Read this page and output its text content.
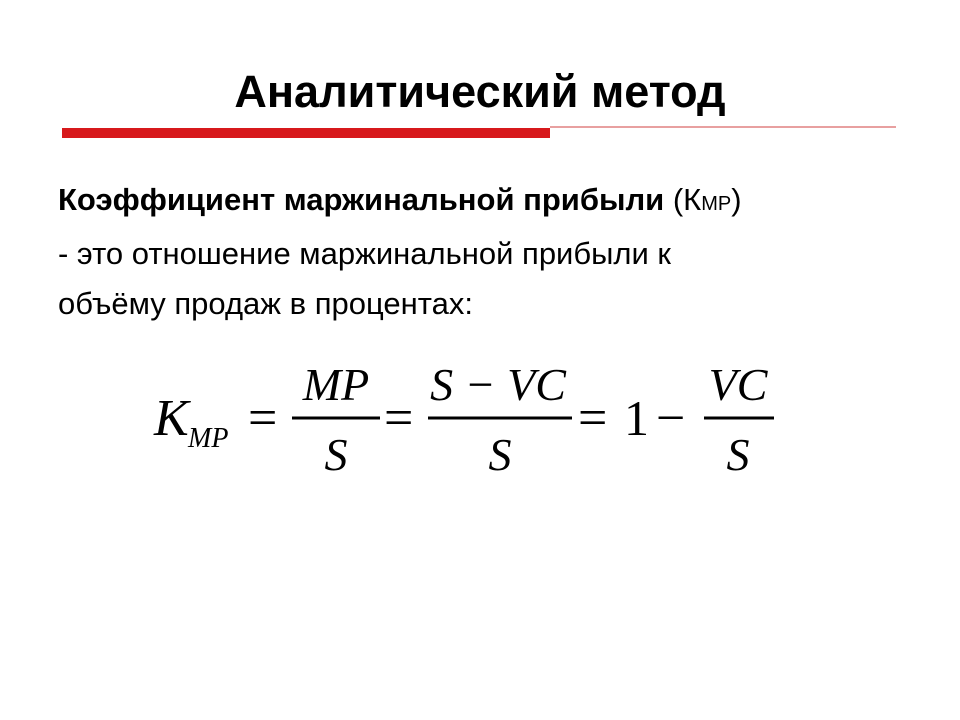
Аналитический метод
Коэффициент маржинальной прибыли (КМР)
- это отношение маржинальной прибыли к
объёму продаж в процентах:
K MP =
MP
S
=
S − VC
S
= 1 −
VC
S
